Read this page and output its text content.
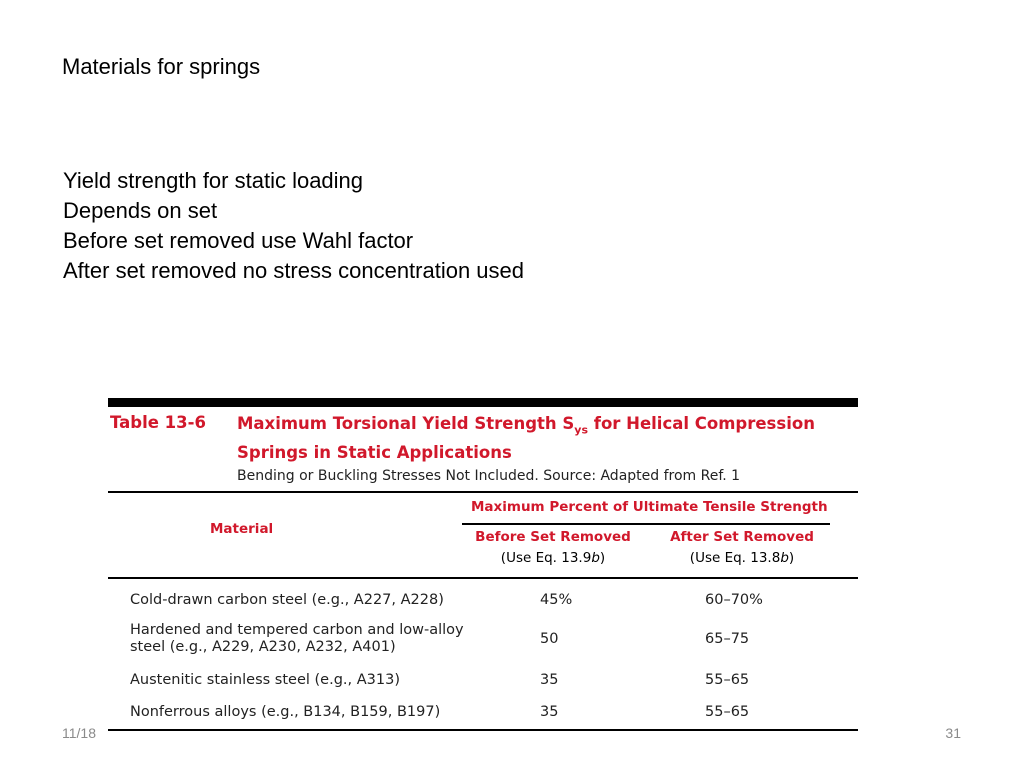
Materials for springs
Yield strength for static loading
Depends on set
Before set removed use Wahl factor
After set removed no stress concentration used
Table 13-6	Maximum Torsional Yield Strength $S_{ys}$ for Helical Compression
Springs in Static Applications
Bending or Buckling Stresses Not Included. Source: Adapted from Ref. 1
Material
Maximum Percent of Ultimate Tensile Strength
Before Set Removed
(Use Eq. 13.9b)
After Set Removed
(Use Eq. 13.8b)
Cold-drawn carbon steel (e.g., A227, A228)	45%	60–70%
Hardened and tempered carbon and low-alloy
steel (e.g., A229, A230, A232, A401)	50	65–75
Austenitic stainless steel (e.g., A313)	35	55–65
Nonferrous alloys (e.g., B134, B159, B197)	35	55–65
11/18	31
